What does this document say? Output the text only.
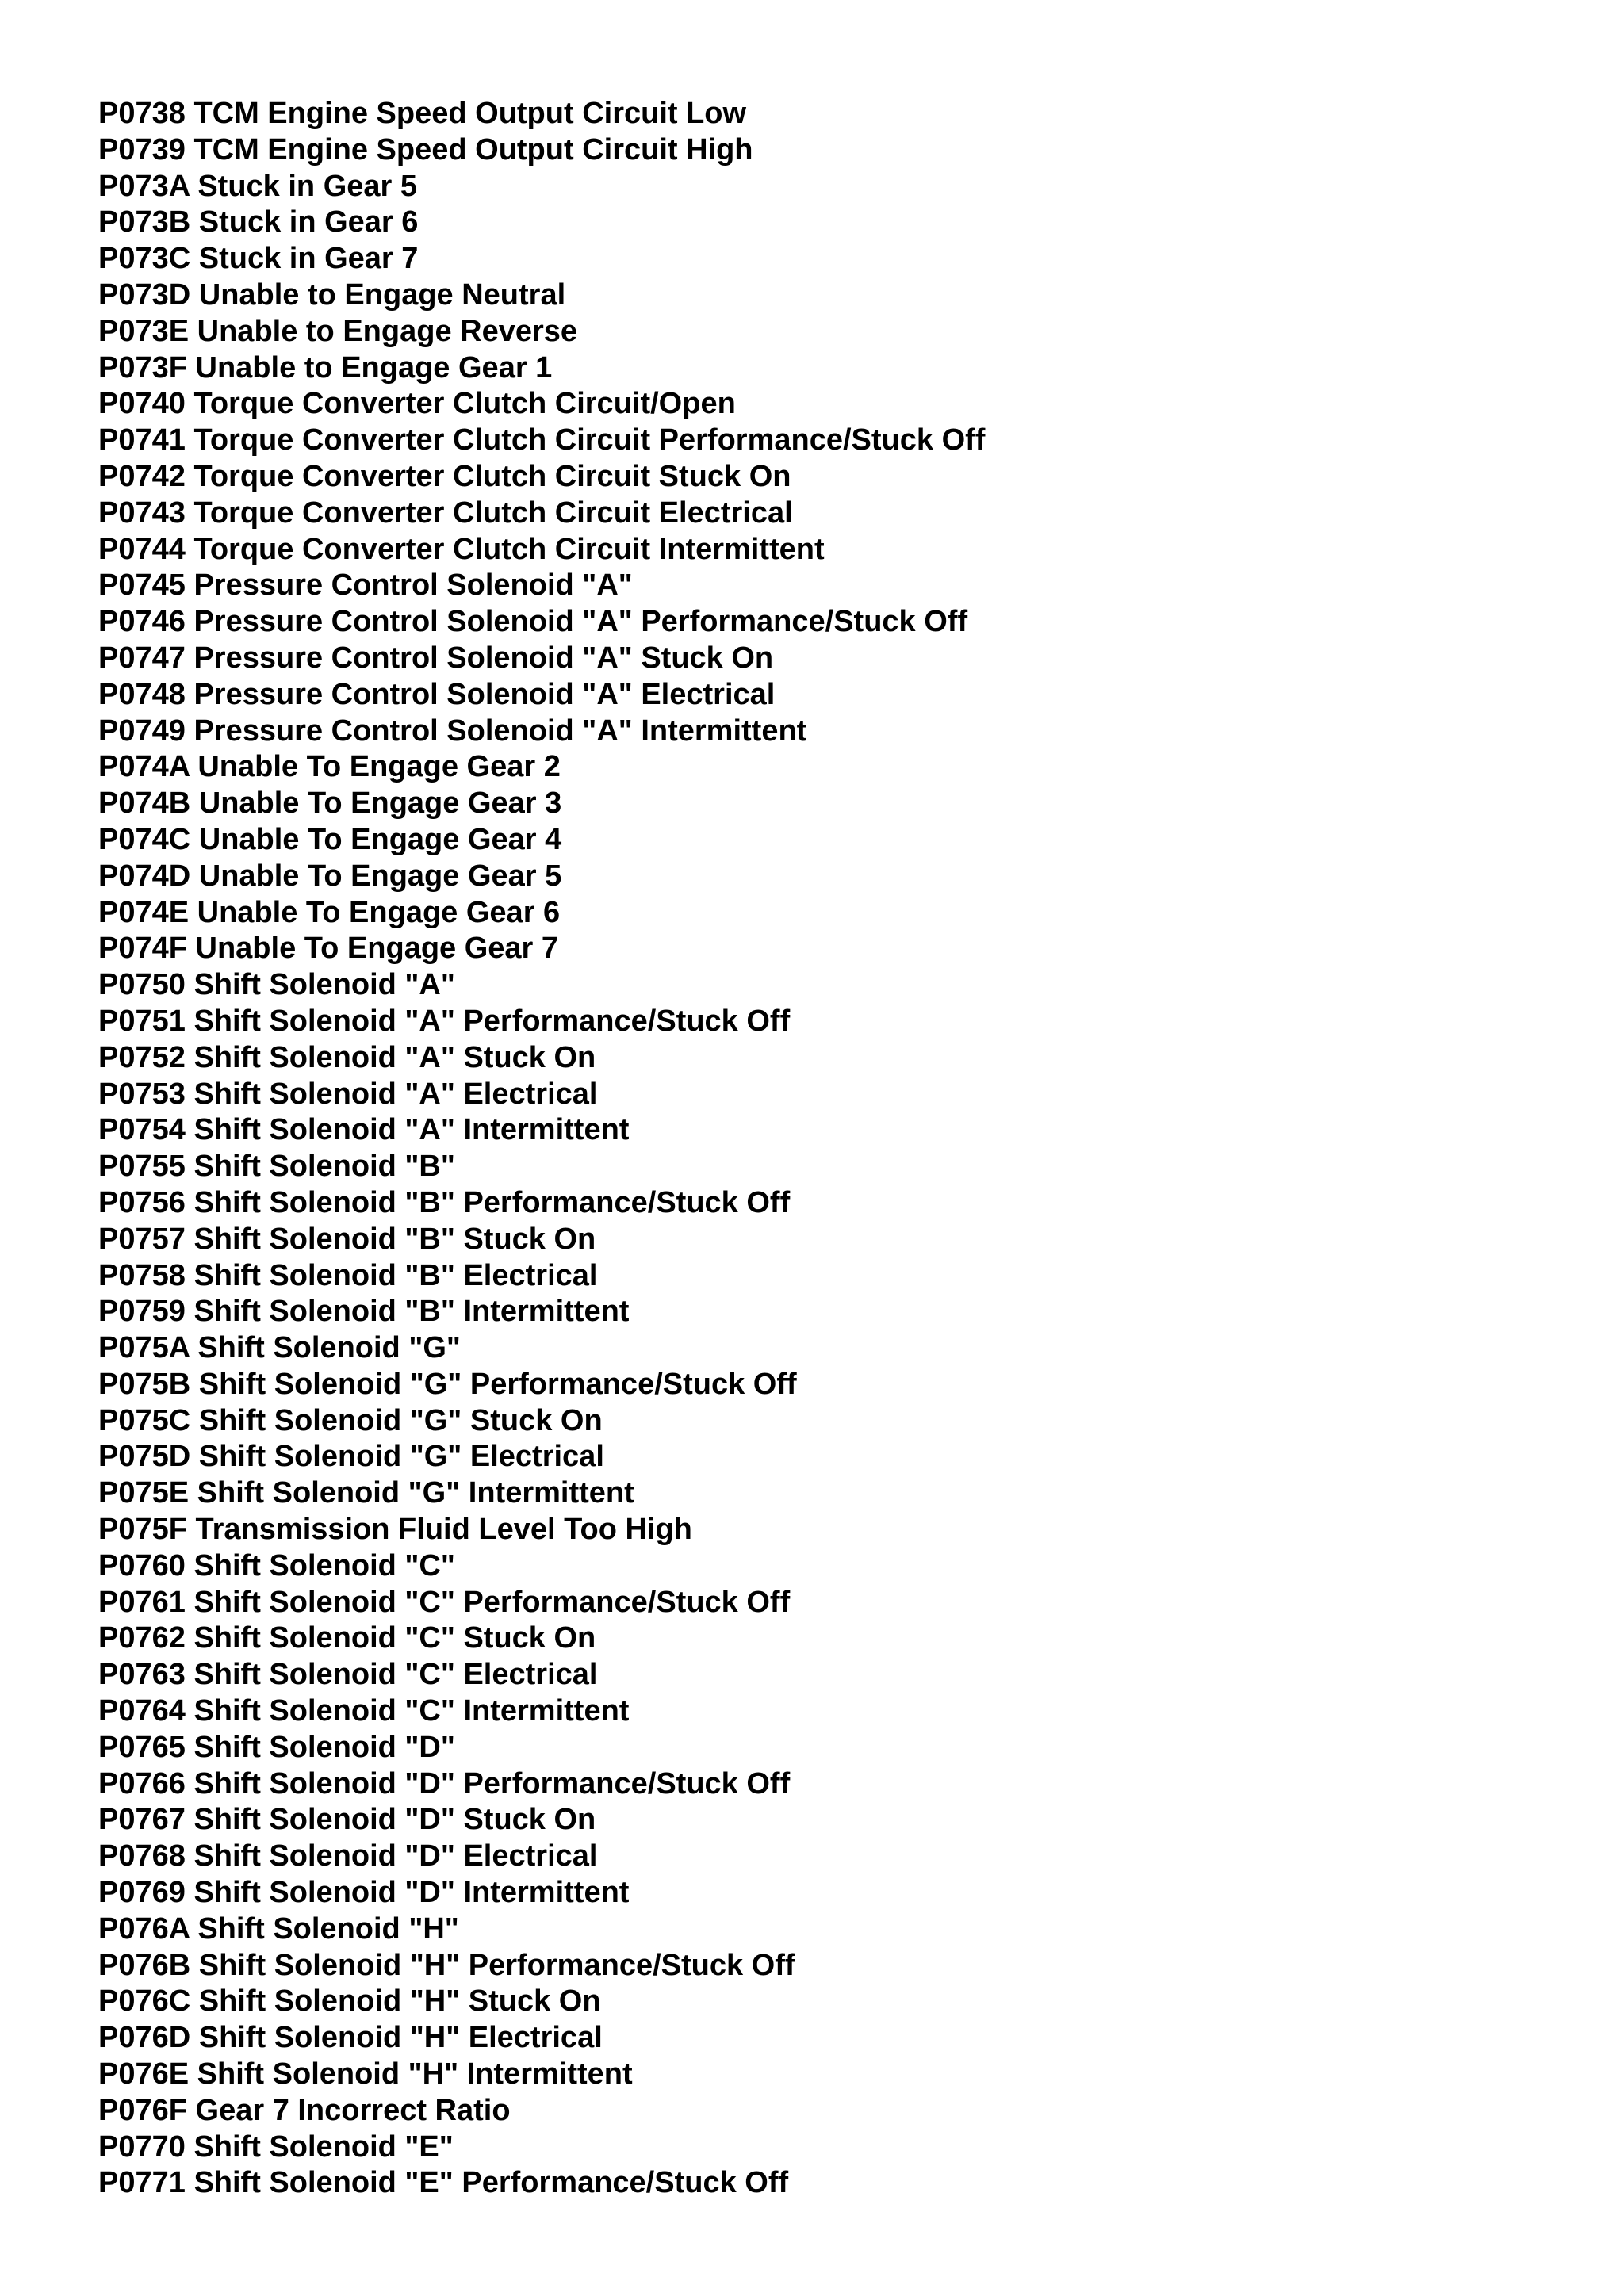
P0738 TCM Engine Speed Output Circuit Low
P0739 TCM Engine Speed Output Circuit High
P073A Stuck in Gear 5
P073B Stuck in Gear 6
P073C Stuck in Gear 7
P073D Unable to Engage Neutral
P073E Unable to Engage Reverse
P073F Unable to Engage Gear 1
P0740 Torque Converter Clutch Circuit/Open
P0741 Torque Converter Clutch Circuit Performance/Stuck Off
P0742 Torque Converter Clutch Circuit Stuck On
P0743 Torque Converter Clutch Circuit Electrical
P0744 Torque Converter Clutch Circuit Intermittent
P0745 Pressure Control Solenoid "A"
P0746 Pressure Control Solenoid "A" Performance/Stuck Off
P0747 Pressure Control Solenoid "A" Stuck On
P0748 Pressure Control Solenoid "A" Electrical
P0749 Pressure Control Solenoid "A" Intermittent
P074A Unable To Engage Gear 2
P074B Unable To Engage Gear 3
P074C Unable To Engage Gear 4
P074D Unable To Engage Gear 5
P074E Unable To Engage Gear 6
P074F Unable To Engage Gear 7
P0750 Shift Solenoid "A"
P0751 Shift Solenoid "A" Performance/Stuck Off
P0752 Shift Solenoid "A" Stuck On
P0753 Shift Solenoid "A" Electrical
P0754 Shift Solenoid "A" Intermittent
P0755 Shift Solenoid "B"
P0756 Shift Solenoid "B" Performance/Stuck Off
P0757 Shift Solenoid "B" Stuck On
P0758 Shift Solenoid "B" Electrical
P0759 Shift Solenoid "B" Intermittent
P075A Shift Solenoid "G"
P075B Shift Solenoid "G" Performance/Stuck Off
P075C Shift Solenoid "G" Stuck On
P075D Shift Solenoid "G" Electrical
P075E Shift Solenoid "G" Intermittent
P075F Transmission Fluid Level Too High
P0760 Shift Solenoid "C"
P0761 Shift Solenoid "C" Performance/Stuck Off
P0762 Shift Solenoid "C" Stuck On
P0763 Shift Solenoid "C" Electrical
P0764 Shift Solenoid "C" Intermittent
P0765 Shift Solenoid "D"
P0766 Shift Solenoid "D" Performance/Stuck Off
P0767 Shift Solenoid "D" Stuck On
P0768 Shift Solenoid "D" Electrical
P0769 Shift Solenoid "D" Intermittent
P076A Shift Solenoid "H"
P076B Shift Solenoid "H" Performance/Stuck Off
P076C Shift Solenoid "H" Stuck On
P076D Shift Solenoid "H" Electrical
P076E Shift Solenoid "H" Intermittent
P076F Gear 7 Incorrect Ratio
P0770 Shift Solenoid "E"
P0771 Shift Solenoid "E" Performance/Stuck Off
